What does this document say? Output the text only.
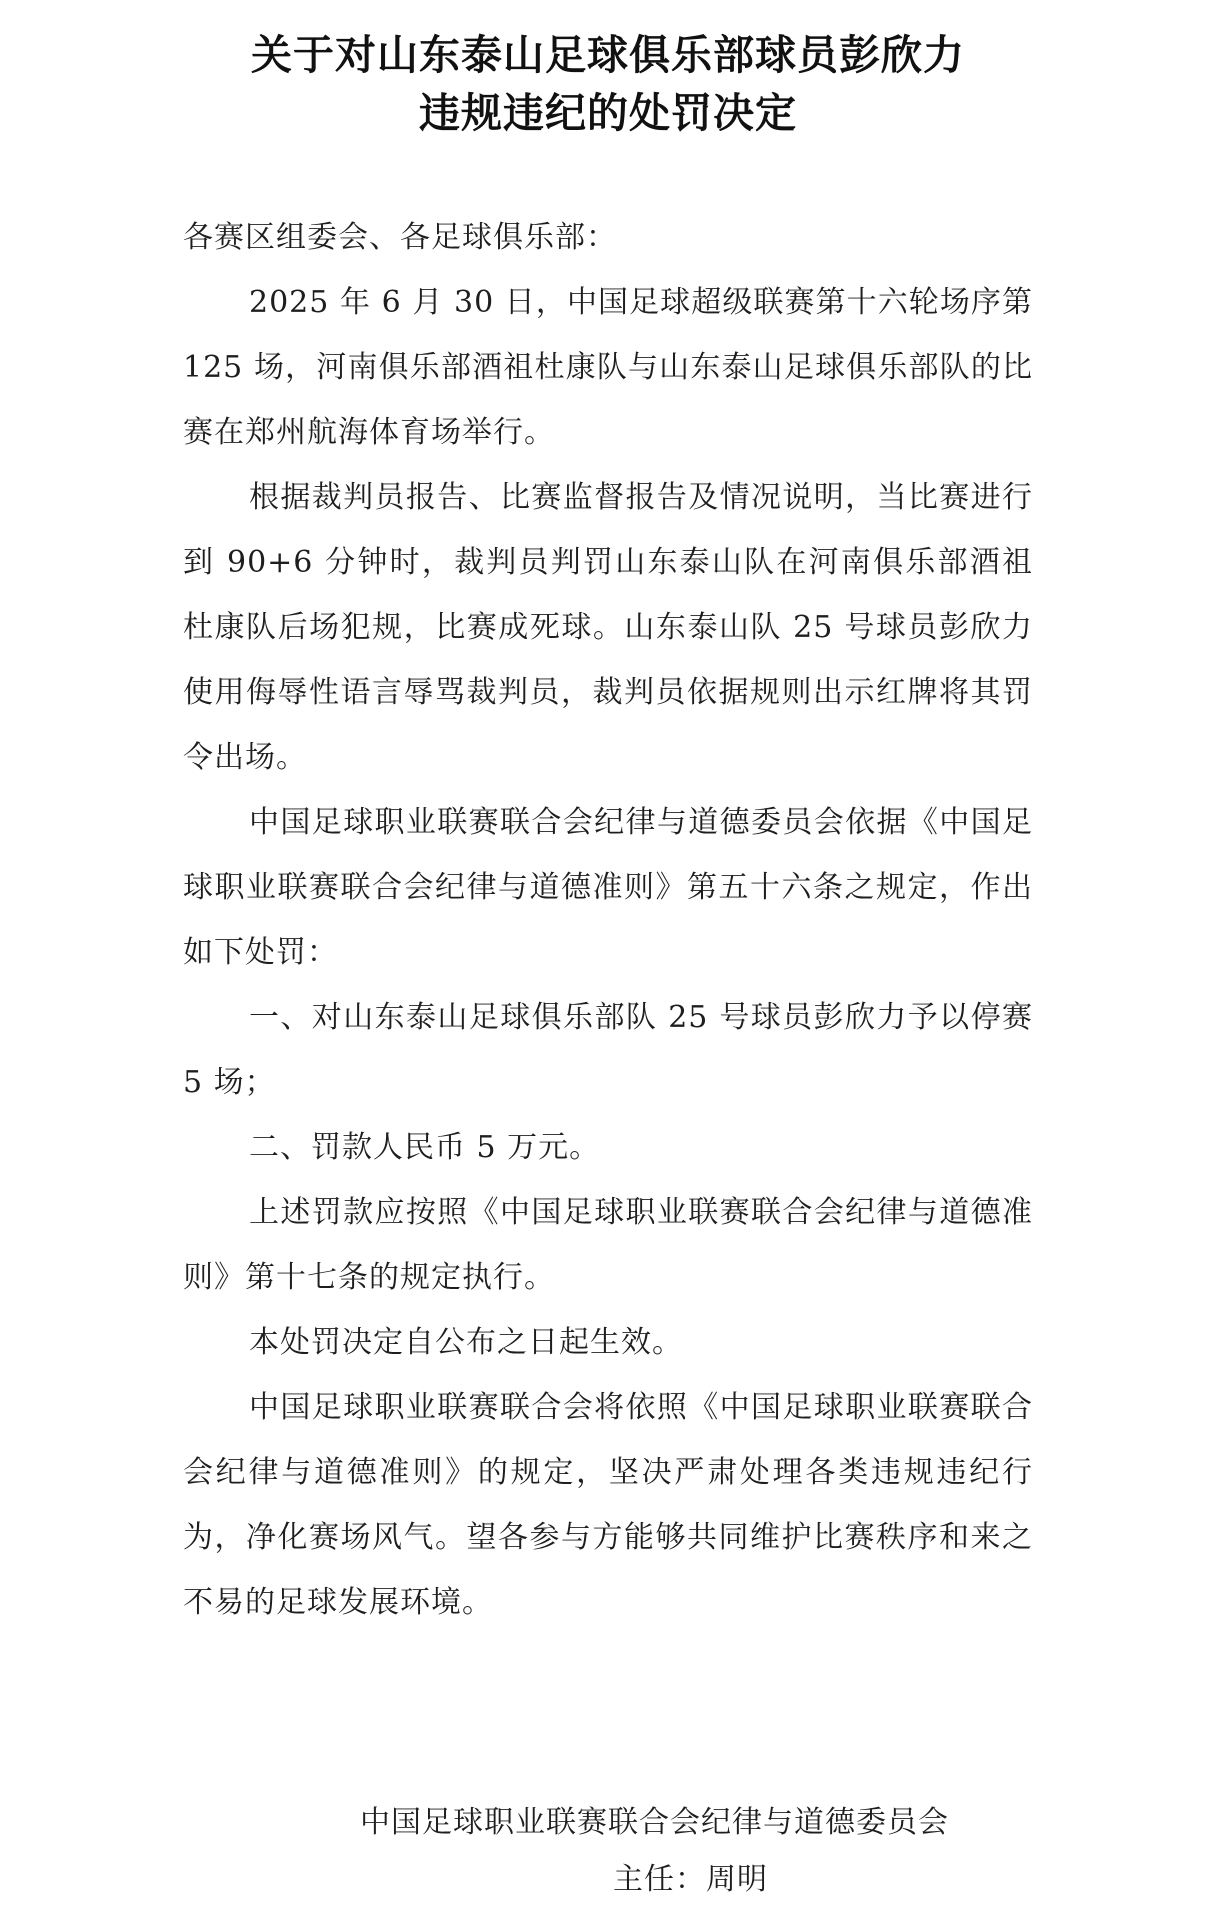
关于对山东泰山足球俱乐部球员彭欣力
违规违纪的处罚决定

各赛区组委会、各足球俱乐部：

2025 年 6 月 30 日，中国足球超级联赛第十六轮场序第 125 场，河南俱乐部酒祖杜康队与山东泰山足球俱乐部队的比赛在郑州航海体育场举行。

根据裁判员报告、比赛监督报告及情况说明，当比赛进行到 90+6 分钟时，裁判员判罚山东泰山队在河南俱乐部酒祖杜康队后场犯规，比赛成死球。山东泰山队 25 号球员彭欣力使用侮辱性语言辱骂裁判员，裁判员依据规则出示红牌将其罚令出场。

中国足球职业联赛联合会纪律与道德委员会依据《中国足球职业联赛联合会纪律与道德准则》第五十六条之规定，作出如下处罚：

一、对山东泰山足球俱乐部队 25 号球员彭欣力予以停赛 5 场；

二、罚款人民币 5 万元。

上述罚款应按照《中国足球职业联赛联合会纪律与道德准则》第十七条的规定执行。

本处罚决定自公布之日起生效。

中国足球职业联赛联合会将依照《中国足球职业联赛联合会纪律与道德准则》的规定，坚决严肃处理各类违规违纪行为，净化赛场风气。望各参与方能够共同维护比赛秩序和来之不易的足球发展环境。

中国足球职业联赛联合会纪律与道德委员会
主任：周明
